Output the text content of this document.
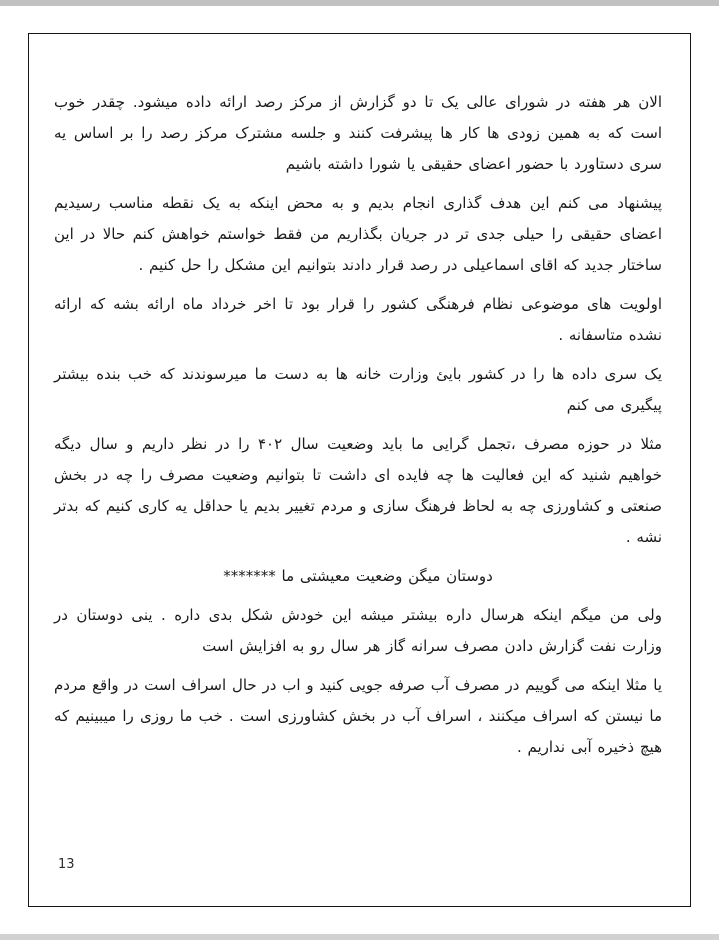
الان هر هفته در شورای عالی یک تا دو گزارش از مرکز رصد ارائه داده میشود. چقدر خوب است که به همین زودی ها کار ها پیشرفت کنند و جلسه مشترک مرکز رصد را بر اساس یه سری دستاورد با حضور اعضای حقیقی یا شورا داشته باشیم

پیشنهاد می کنم این هدف گذاری انجام بدیم و به محض اینکه به یک نقطه مناسب رسیدیم اعضای حقیقی را حیلی جدی تر در جریان بگذاریم من فقط خواستم خواهش کنم حالا در این ساختار جدید که اقای اسماعیلی در رصد قرار دادند بتوانیم این مشکل را حل کنیم .

اولویت های موضوعی نظام فرهنگی کشور را قرار بود تا اخر خرداد ماه ارائه بشه که ارائه نشده متاسفانه .

یک سری داده ها را در کشور بایئ وزارت خانه ها به دست ما میرسوندند که خب بنده بیشتر پیگیری می کنم

مثلا در حوزه مصرف ،تجمل گرایی ما باید وضعیت سال ۴۰۲ را در نظر داریم و سال دیگه خواهیم شنید که این فعالیت ها چه فایده ای داشت تا بتوانیم وضعیت مصرف را چه در بخش صنعتی و کشاورزی چه به لحاظ فرهنگ سازی و مردم تغییر بدیم یا حداقل یه کاری کنیم که بدتر نشه .

دوستان میگن وضعیت معیشتی ما *******

ولی من میگم اینکه هرسال داره بیشتر میشه این خودش شکل بدی داره . ینی دوستان در وزارت نفت گزارش دادن مصرف سرانه گاز هر سال رو به افزایش است

یا مثلا اینکه می گوییم در مصرف آب صرفه جویی کنید و اب در حال اسراف است در واقع مردم ما نیستن که اسراف میکنند ، اسراف آب در بخش کشاورزی است . خب ما روزی را میبینیم که هیچ ذخیره آبی نداریم .

13
